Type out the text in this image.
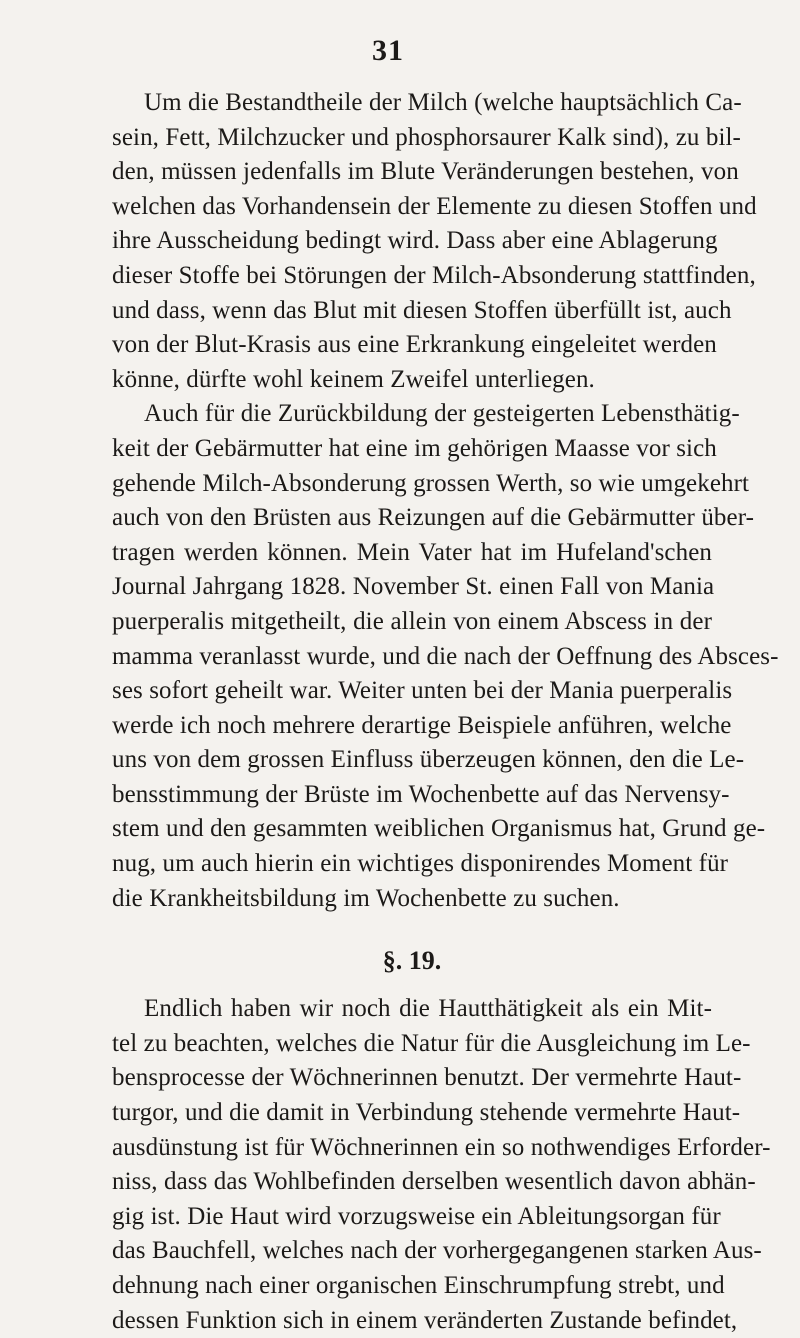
31
Um die Bestandtheile der Milch (welche hauptsächlich Ca-
sein, Fett, Milchzucker und phosphorsaurer Kalk sind), zu bil-
den, müssen jedenfalls im Blute Veränderungen bestehen, von
welchen das Vorhandensein der Elemente zu diesen Stoffen und
ihre Ausscheidung bedingt wird. Dass aber eine Ablagerung
dieser Stoffe bei Störungen der Milch-Absonderung stattfinden,
und dass, wenn das Blut mit diesen Stoffen überfüllt ist, auch
von der Blut-Krasis aus eine Erkrankung eingeleitet werden
könne, dürfte wohl keinem Zweifel unterliegen.
Auch für die Zurückbildung der gesteigerten Lebensthätig-
keit der Gebärmutter hat eine im gehörigen Maasse vor sich
gehende Milch-Absonderung grossen Werth, so wie umgekehrt
auch von den Brüsten aus Reizungen auf die Gebärmutter über-
tragen werden können. Mein Vater hat im Hufeland'schen
Journal Jahrgang 1828. November St. einen Fall von Mania
puerperalis mitgetheilt, die allein von einem Abscess in der
mamma veranlasst wurde, und die nach der Oeffnung des Absces-
ses sofort geheilt war. Weiter unten bei der Mania puerperalis
werde ich noch mehrere derartige Beispiele anführen, welche
uns von dem grossen Einfluss überzeugen können, den die Le-
bensstimmung der Brüste im Wochenbette auf das Nervensy-
stem und den gesammten weiblichen Organismus hat, Grund ge-
nug, um auch hierin ein wichtiges disponirendes Moment für
die Krankheitsbildung im Wochenbette zu suchen.
§. 19.
Endlich haben wir noch die Hautthätigkeit als ein Mit-
tel zu beachten, welches die Natur für die Ausgleichung im Le-
bensprocesse der Wöchnerinnen benutzt. Der vermehrte Haut-
turgor, und die damit in Verbindung stehende vermehrte Haut-
ausdünstung ist für Wöchnerinnen ein so nothwendiges Erforder-
niss, dass das Wohlbefinden derselben wesentlich davon abhän-
gig ist. Die Haut wird vorzugsweise ein Ableitungsorgan für
das Bauchfell, welches nach der vorhergegangenen starken Aus-
dehnung nach einer organischen Einschrumpfung strebt, und
dessen Funktion sich in einem veränderten Zustande befindet,
